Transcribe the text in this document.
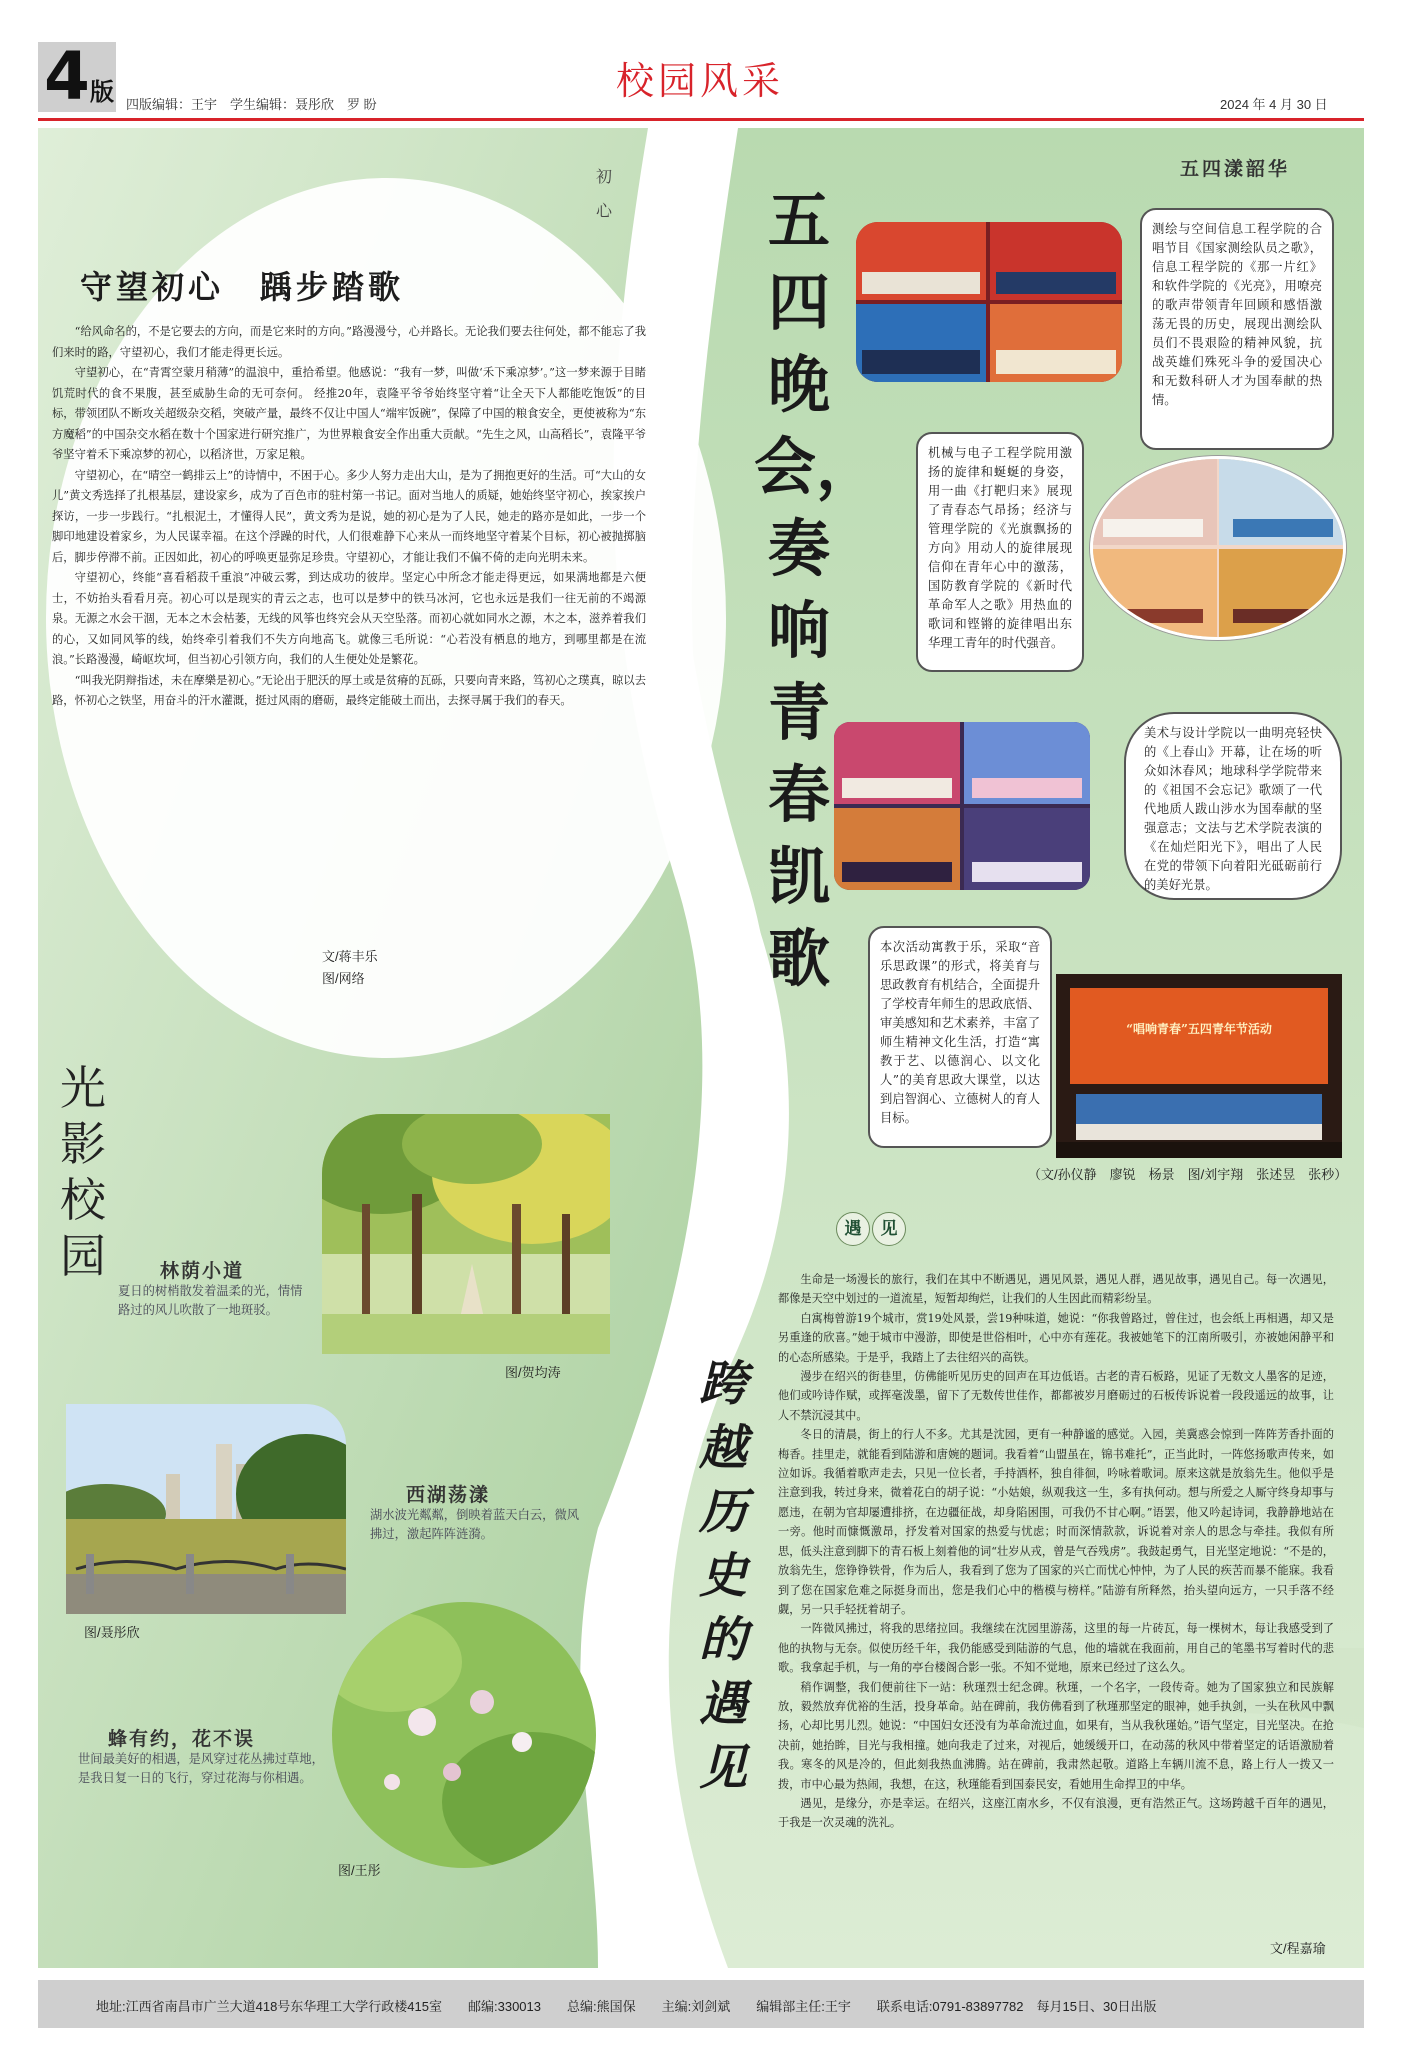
4 版 四版编辑：王宇　学生编辑：聂彤欣　罗 盼
校园风采
2024 年 4 月 30 日
初心
守望初心　踽步踏歌

“给风命名的，不是它要去的方向，而是它来时的方向。”路漫漫兮，心并路长。无论我们要去往何处，都不能忘了我们来时的路，守望初心，我们才能走得更长远。

守望初心，在“青霄空蒙月稍薄”的温浪中，重拾希望。他感说：“我有一梦，叫做‘禾下乘凉梦’。”这一梦来源于目睹饥荒时代的食不果腹，甚至威胁生命的无可奈何。 经推20年，袁隆平爷爷始终坚守着“让全天下人都能吃饱饭”的目标，带领团队不断攻关超级杂交稻，突破产量，最终不仅让中国人“端牢饭碗”，保障了中国的粮食安全，更使被称为“东方魔稻”的中国杂交水稻在数十个国家进行研究推广，为世界粮食安全作出重大贡献。“先生之风，山高稻长”，袁隆平爷爷坚守着禾下乘凉梦的初心，以稻济世，万家足粮。

守望初心，在“晴空一鹤排云上”的诗情中，不困于心。多少人努力走出大山，是为了拥抱更好的生活。可“大山的女儿”黄文秀选择了扎根基层，建设家乡，成为了百色市的驻村第一书记。面对当地人的质疑，她始终坚守初心，挨家挨户探访，一步一步践行。“扎根泥土，才懂得人民”，黄文秀为是说，她的初心是为了人民，她走的路亦是如此，一步一个脚印地建设着家乡，为人民谋幸福。在这个浮躁的时代，人们很难静下心来从一而终地坚守着某个目标，初心被抛掷脑后，脚步停滞不前。正因如此，初心的呼唤更显弥足珍贵。守望初心，才能让我们不偏不倚的走向光明未来。

守望初心，终能“喜看稻菽千重浪”冲破云雾，到达成功的彼岸。坚定心中所念才能走得更远，如果满地都是六便士，不妨抬头看看月亮。初心可以是现实的青云之志，也可以是梦中的铁马冰河，它也永远是我们一往无前的不竭源泉。无源之水会干涸，无本之木会枯萎，无线的风筝也终究会从天空坠落。而初心就如同水之源，木之本，滋养着我们的心，又如同风筝的线，始终牵引着我们不失方向地高飞。就像三毛所说：“心若没有栖息的地方，到哪里都是在流浪。”长路漫漫，崎岖坎坷，但当初心引领方向，我们的人生便处处是繁花。

“叫我光阴辩指述，未在摩樂是初心。”无论出于肥沃的厚土或是贫瘠的瓦砾，只要向青来路，笃初心之璞真，晾以去路，怀初心之铁坚，用奋斗的汗水灌溉，挺过风雨的磨砺，最终定能破土而出，去探寻属于我们的春天。

文/蒋丰乐
图/网络
光影校园	林荫小道
夏日的树梢散发着温柔的光，情情路过的风儿吹散了一地斑驳。
图/贺均涛
西湖荡漾
湖水波光粼粼，倒映着蓝天白云，微风拂过，激起阵阵涟漪。
图/聂彤欣
蜂有约，花不误
世间最美好的相遇，是风穿过花丛拂过草地，是我日复一日的飞行，穿过花海与你相遇。
图/王彤
五四晚会，奏响青春凯歌
五四漾韶华
测绘与空间信息工程学院的合唱节目《国家测绘队员之歌》，信息工程学院的《那一片红》和软件学院的《光亮》，用嘹亮的歌声带领青年回顾和感悟激荡无畏的历史，展现出测绘队员们不畏艰险的精神风貌，抗战英雄们殊死斗争的爱国决心和无数科研人才为国奉献的热情。
机械与电子工程学院用激扬的旋律和蜒蜒的身姿，用一曲《打靶归来》展现了青春态气昂扬；经济与管理学院的《光旗飘扬的方向》用动人的旋律展现信仰在青年心中的激荡，国防教育学院的《新时代革命军人之歌》用热血的歌词和铿锵的旋律唱出东华理工青年的时代强音。
美术与设计学院以一曲明亮轻快的《上春山》开幕，让在场的听众如沐春风；地球科学学院带来的《祖国不会忘记》歌颂了一代代地质人跋山涉水为国奉献的坚强意志；文法与艺术学院表演的《在灿烂阳光下》，唱出了人民在党的带领下向着阳光砥砺前行的美好光景。
本次活动寓教于乐，采取“音乐思政课”的形式，将美育与思政教育有机结合，全面提升了学校青年师生的思政底悟、审美感知和艺术素养，丰富了师生精神文化生活，打造“寓教于艺、以德润心、以文化人”的美育思政大课堂，以达到启智润心、立德树人的育人目标。
“唱响青春”五四青年节活动
（文/孙仪静　廖锐　杨景　图/刘宇翔　张述昱　张秒）
遇 见
跨越历史的遇见

生命是一场漫长的旅行，我们在其中不断遇见，遇见风景，遇见人群，遇见故事，遇见自己。每一次遇见，都像是天空中划过的一道流星，短暂却绚烂，让我们的人生因此而精彩纷呈。

白寓梅曾游19个城市，赏19处风景，尝19种味道，她说：“你我曾路过，曾住过，也会纸上再相遇，却又是另重逢的欣喜。”她于城市中漫游，即使是世俗相叶，心中亦有莲花。我被她笔下的江南所吸引，亦被她闲静平和的心态所感染。于是乎，我踏上了去往绍兴的高铁。

漫步在绍兴的街巷里，仿佛能听见历史的回声在耳边低语。古老的青石板路，见证了无数文人墨客的足迹，他们或吟诗作赋，或挥毫泼墨，留下了无数传世佳作，都都被岁月磨砺过的石板传诉说着一段段遥远的故事，让人不禁沉浸其中。

冬日的清晨，街上的行人不多。尤其是沈园，更有一种静谧的感觉。入园，美冀惑会惊到一阵阵芳香扑面的梅香。挂里走，就能看到陆游和唐婉的题词。我看着“山盟虽在，锦书难托”，正当此时，一阵悠扬歌声传来，如泣如诉。我循着歌声走去，只见一位长者，手持酒杯，独自徘徊，吟咏着歌词。原来这就是放翁先生。他似乎是注意到我，转过身来，微着花白的胡子说：“小姑娘，纵观我这一生，多有执何动。想与所爱之人厮守终身却事与愿违，在朝为官却屡遭排挤，在边疆征战，却身陷困围，可我仍不甘心啊。”语罢，他又吟起诗词，我静静地站在一旁。他时而慷慨激昂，抒发着对国家的热爱与忧虑；时而深情款款，诉说着对亲人的思念与牵挂。我似有所思，低头注意到脚下的青石板上刻着他的词“壮岁从戎，曾是气吞残虏”。我鼓起勇气，目光坚定地说：“不是的，放翁先生，您铮铮铁骨，作为后人，我看到了您为了国家的兴亡而忧心忡忡，为了人民的疾苦而暴不能寐。我看到了您在国家危难之际挺身而出，您是我们心中的楷模与榜样。”陆游有所释然，抬头望向远方，一只手落不经觑，另一只手轻抚着胡子。

一阵微风拂过，将我的思绪拉回。我继续在沈园里游荡，这里的每一片砖瓦，每一棵树木，每让我感受到了他的执物与无奈。似使历经千年，我仍能感受到陆游的气息，他的墙就在我面前，用自己的笔墨书写着时代的悲歌。我拿起手机，与一角的亭台楼阁合影一张。不知不觉地，原来已经过了这么久。

稍作调整，我们便前往下一站：秋瑾烈士纪念碑。秋瑾，一个名字，一段传奇。她为了国家独立和民族解放，毅然放弃优裕的生活，投身革命。站在碑前，我仿佛看到了秋瑾那坚定的眼神，她手执剑，一头在秋风中飘扬，心却比男儿烈。她说：“中国妇女还没有为革命流过血，如果有，当从我秋瑾始。”语气坚定，目光坚决。在抢决前，她抬眸，目光与我相撞。她向我走了过来，对视后，她缓缓开口，在动荡的秋风中带着坚定的话语激励着我。寒冬的风是冷的，但此刻我热血沸腾。站在碑前，我肃然起敬。道路上车辆川流不息，路上行人一拨又一拨，市中心最为热闹，我想，在这，秋瑾能看到国泰民安，看她用生命捍卫的中华。

遇见，是缘分，亦是幸运。在绍兴，这座江南水乡，不仅有浪漫，更有浩然正气。这场跨越千百年的遇见，于我是一次灵魂的洗礼。

文/程嘉瑜
地址:江西省南昌市广兰大道418号东华理工大学行政楼415室　　邮编:330013　　总编:熊国保　　主编:刘剑斌　　编辑部主任:王宇　　联系电话:0791-83897782　每月15日、30日出版
